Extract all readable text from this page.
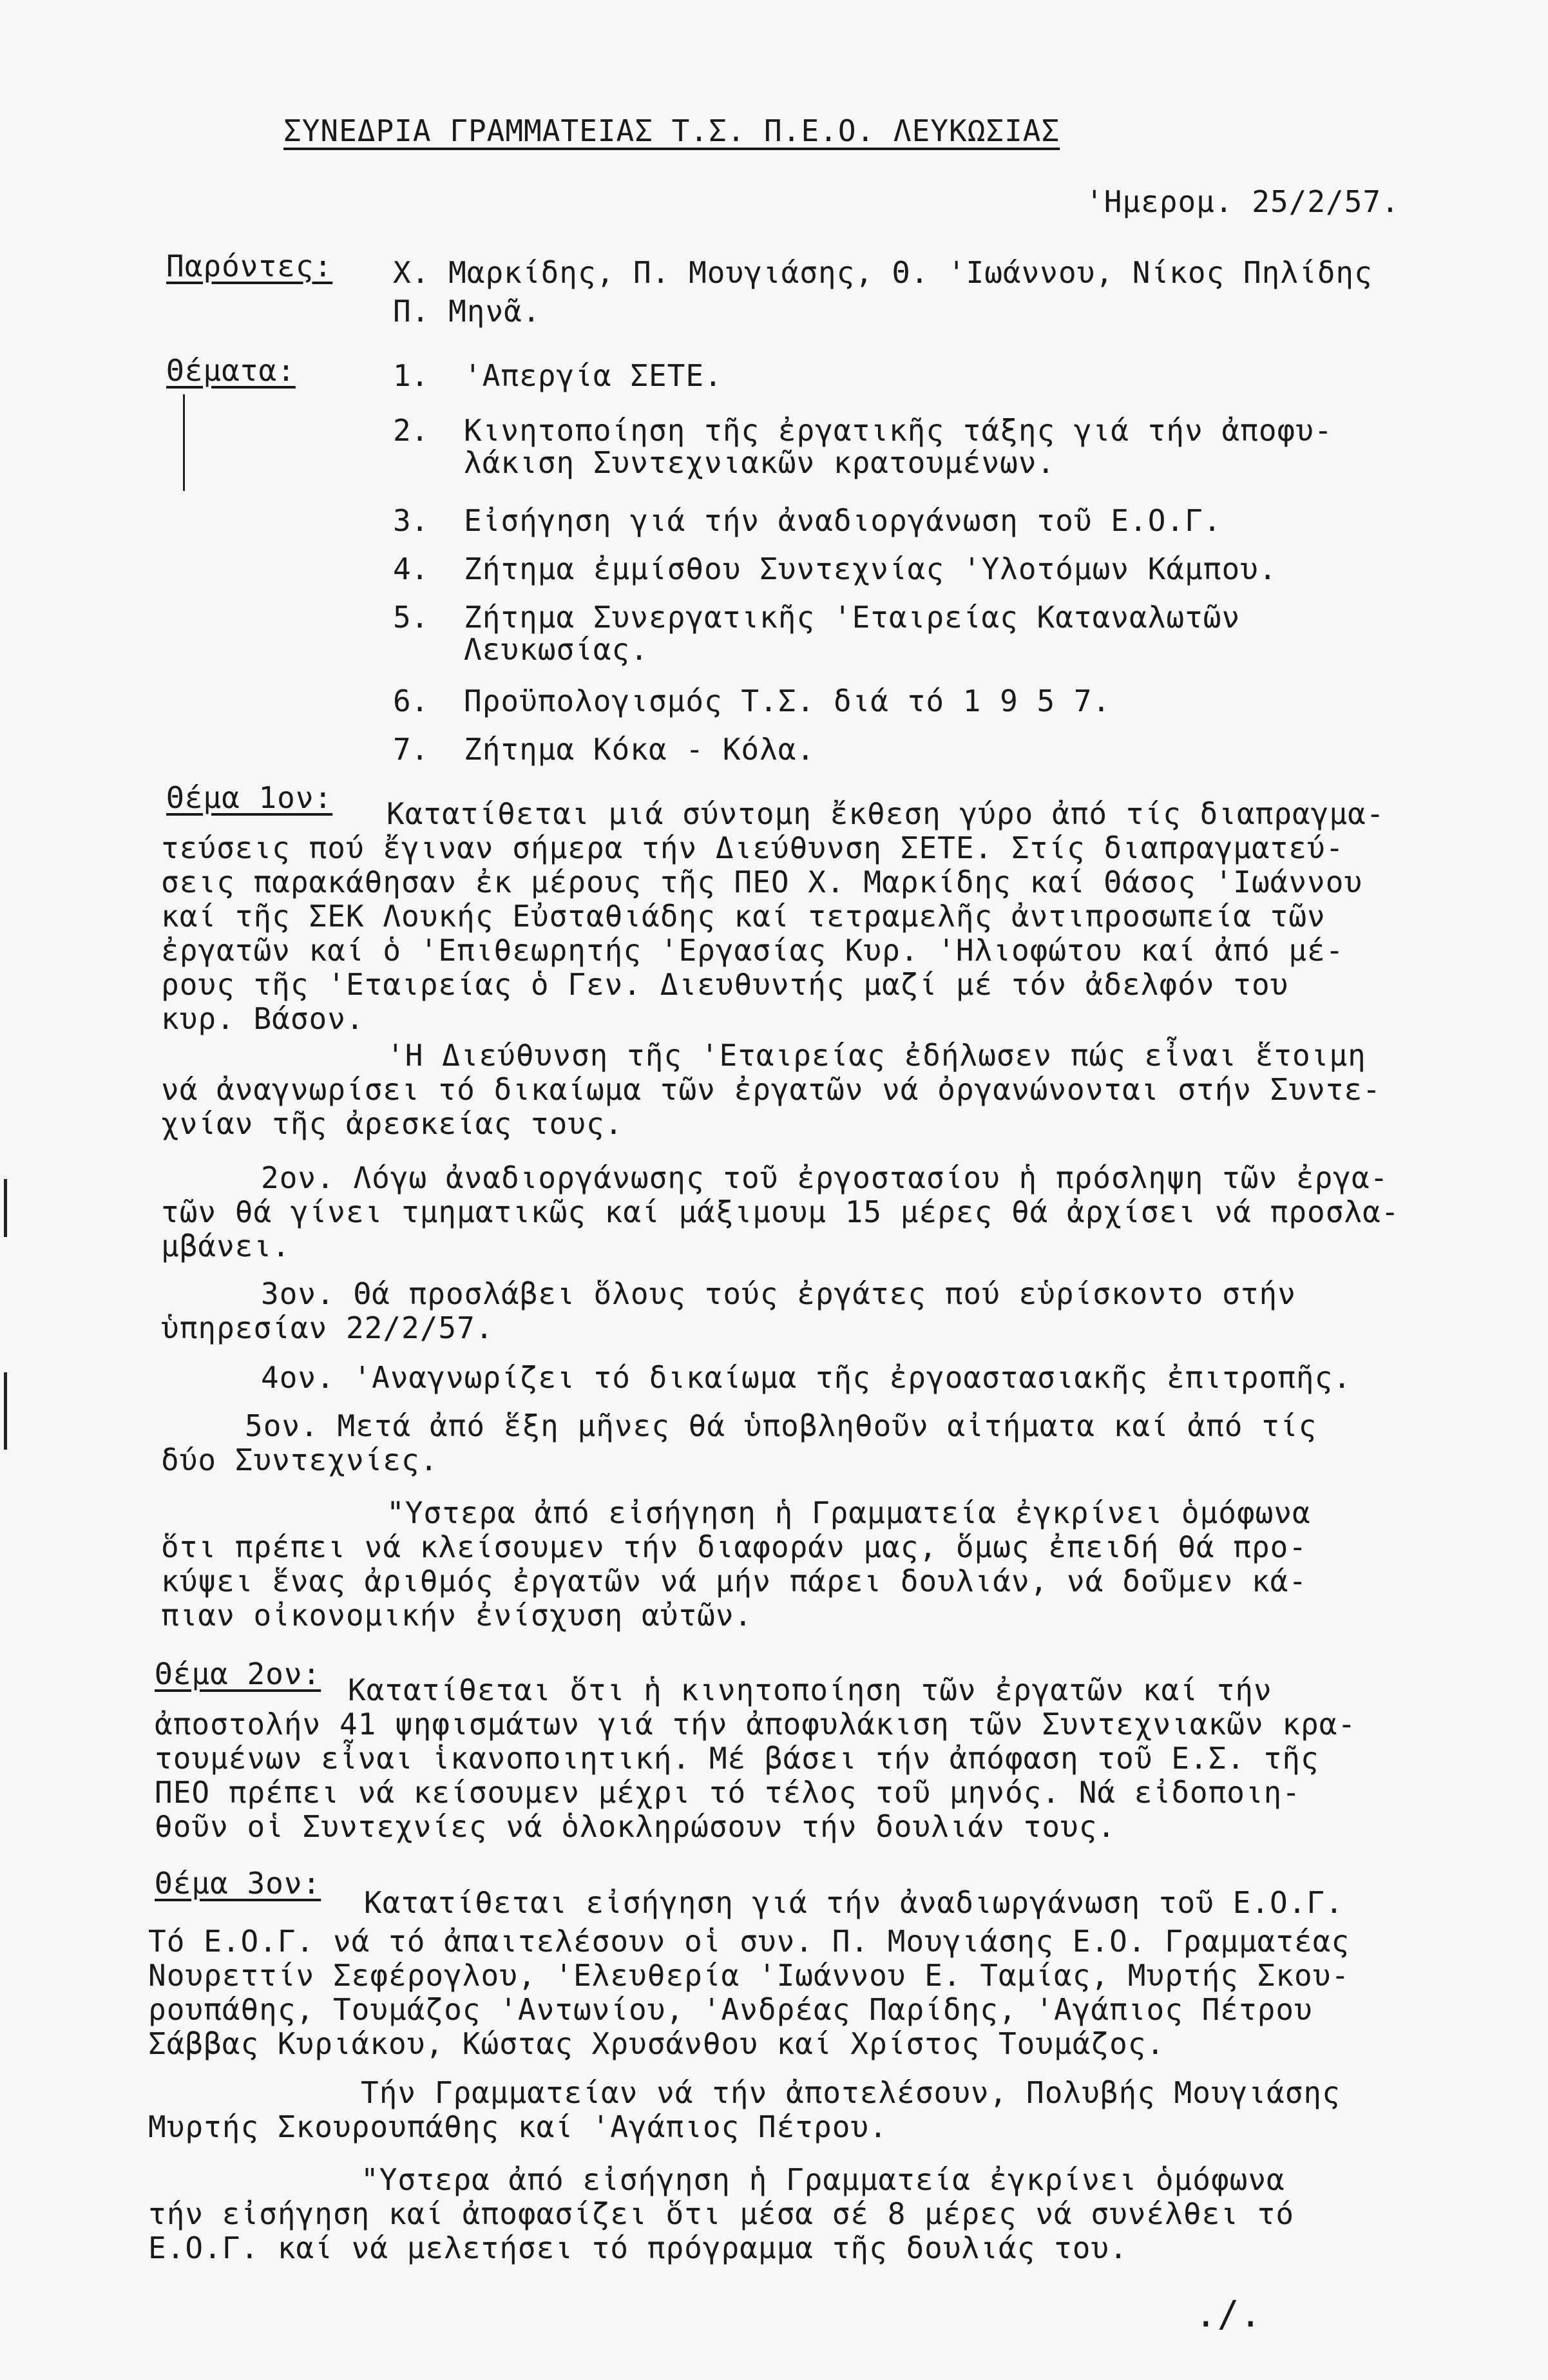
ΣΥΝΕΔΡΙΑ ΓΡΑΜΜΑΤΕΙΑΣ Τ.Σ. Π.Ε.Ο. ΛΕΥΚΩΣΙΑΣ
'Ημερομ. 25/2/57.
Παρόντες: Χ. Μαρκίδης, Π. Μουγιάσης, Θ. 'Ιωάννου, Νίκος Πηλίδης
Π. Μηνᾶ.
Θέματα:	1. 'Απεργία ΣΕΤΕ.
2. Κινητοποίηση τῆς ἐργατικῆς τάξης γιά τήν ἀποφυ-
λάκιση Συντεχνιακῶν κρατουμένων.
3. Εἰσήγηση γιά τήν ἀναδιοργάνωση τοῦ Ε.Ο.Γ.
4. Ζήτημα ἐμμίσθου Συντεχνίας 'Υλοτόμων Κάμπου.
5. Ζήτημα Συνεργατικῆς 'Εταιρείας Καταναλωτῶν
Λευκωσίας.
6. Προϋπολογισμός Τ.Σ. διά τό 1 9 5 7.
7. Ζήτημα Κόκα - Κόλα.
Θέμα 1ον: Κατατίθεται μιά σύντομη ἔκθεση γύρο ἀπό τίς διαπραγμα-
τεύσεις πού ἔγιναν σήμερα τήν Διεύθυνση ΣΕΤΕ. Στίς διαπραγματεύ-
σεις παρακάθησαν ἐκ μέρους τῆς ΠΕΟ Χ. Μαρκίδης καί Θάσος 'Ιωάννου
καί τῆς ΣΕΚ Λουκής Εὐσταθιάδης καί τετραμελῆς ἀντιπροσωπεία τῶν
ἐργατῶν καί ὁ 'Επιθεωρητής 'Εργασίας Κυρ. 'Ηλιοφώτου καί ἀπό μέ-
ρους τῆς 'Εταιρείας ὁ Γεν. Διευθυντής μαζί μέ τόν ἀδελφόν του
κυρ. Βάσον.
'Η Διεύθυνση τῆς 'Εταιρείας ἐδήλωσεν πώς εἶναι ἕτοιμη
νά ἀναγνωρίσει τό δικαίωμα τῶν ἐργατῶν νά ὀργανώνονται στήν Συντε-
χνίαν τῆς ἀρεσκείας τους.
2ον. Λόγω ἀναδιοργάνωσης τοῦ ἐργοστασίου ἡ πρόσληψη τῶν ἐργα-
τῶν θά γίνει τμηματικῶς καί μάξιμουμ 15 μέρες θά ἀρχίσει νά προσλα-
μβάνει.
3ον. Θά προσλάβει ὅλους τούς ἐργάτες πού εὑρίσκοντο στήν
ὑπηρεσίαν 22/2/57.
4ον. 'Αναγνωρίζει τό δικαίωμα τῆς ἐργοαστασιακῆς ἐπιτροπῆς.
5ον. Μετά ἀπό ἕξη μῆνες θά ὑποβληθοῦν αἰτήματα καί ἀπό τίς
δύο Συντεχνίες.
"Υστερα ἀπό εἰσήγηση ἡ Γραμματεία ἐγκρίνει ὁμόφωνα
ὅτι πρέπει νά κλείσουμεν τήν διαφοράν μας, ὅμως ἐπειδή θά προ-
κύψει ἕνας ἀριθμός ἐργατῶν νά μήν πάρει δουλιάν, νά δοῦμεν κά-
πιαν οἰκονομικήν ἐνίσχυση αὐτῶν.
Θέμα 2ον: Κατατίθεται ὅτι ἡ κινητοποίηση τῶν ἐργατῶν καί τήν
ἀποστολήν 41 ψηφισμάτων γιά τήν ἀποφυλάκιση τῶν Συντεχνιακῶν κρα-
τουμένων εἶναι ἱκανοποιητική. Μέ βάσει τήν ἀπόφαση τοῦ Ε.Σ. τῆς
ΠΕΟ πρέπει νά κείσουμεν μέχρι τό τέλος τοῦ μηνός. Νά εἰδοποιη-
θοῦν οἱ Συντεχνίες νά ὁλοκληρώσουν τήν δουλιάν τους.
Θέμα 3ον:
Κατατίθεται εἰσήγηση γιά τήν ἀναδιωργάνωση τοῦ Ε.Ο.Γ.
Τό Ε.Ο.Γ. νά τό ἀπαιτελέσουν οἱ συν. Π. Μουγιάσης Ε.Ο. Γραμματέας
Νουρεττίν Σεφέρογλου, 'Ελευθερία 'Ιωάννου Ε. Ταμίας, Μυρτής Σκου-
ρουπάθης, Τουμάζος 'Αντωνίου, 'Ανδρέας Παρίδης, 'Αγάπιος Πέτρου
Σάββας Κυριάκου, Κώστας Χρυσάνθου καί Χρίστος Τουμάζος.
Τήν Γραμματείαν νά τήν ἀποτελέσουν, Πολυβής Μουγιάσης
Μυρτής Σκουρουπάθης καί 'Αγάπιος Πέτρου.
"Υστερα ἀπό εἰσήγηση ἡ Γραμματεία ἐγκρίνει ὁμόφωνα
τήν εἰσήγηση καί ἀποφασίζει ὅτι μέσα σέ 8 μέρες νά συνέλθει τό
Ε.Ο.Γ. καί νά μελετήσει τό πρόγραμμα τῆς δουλιάς του.
./.
